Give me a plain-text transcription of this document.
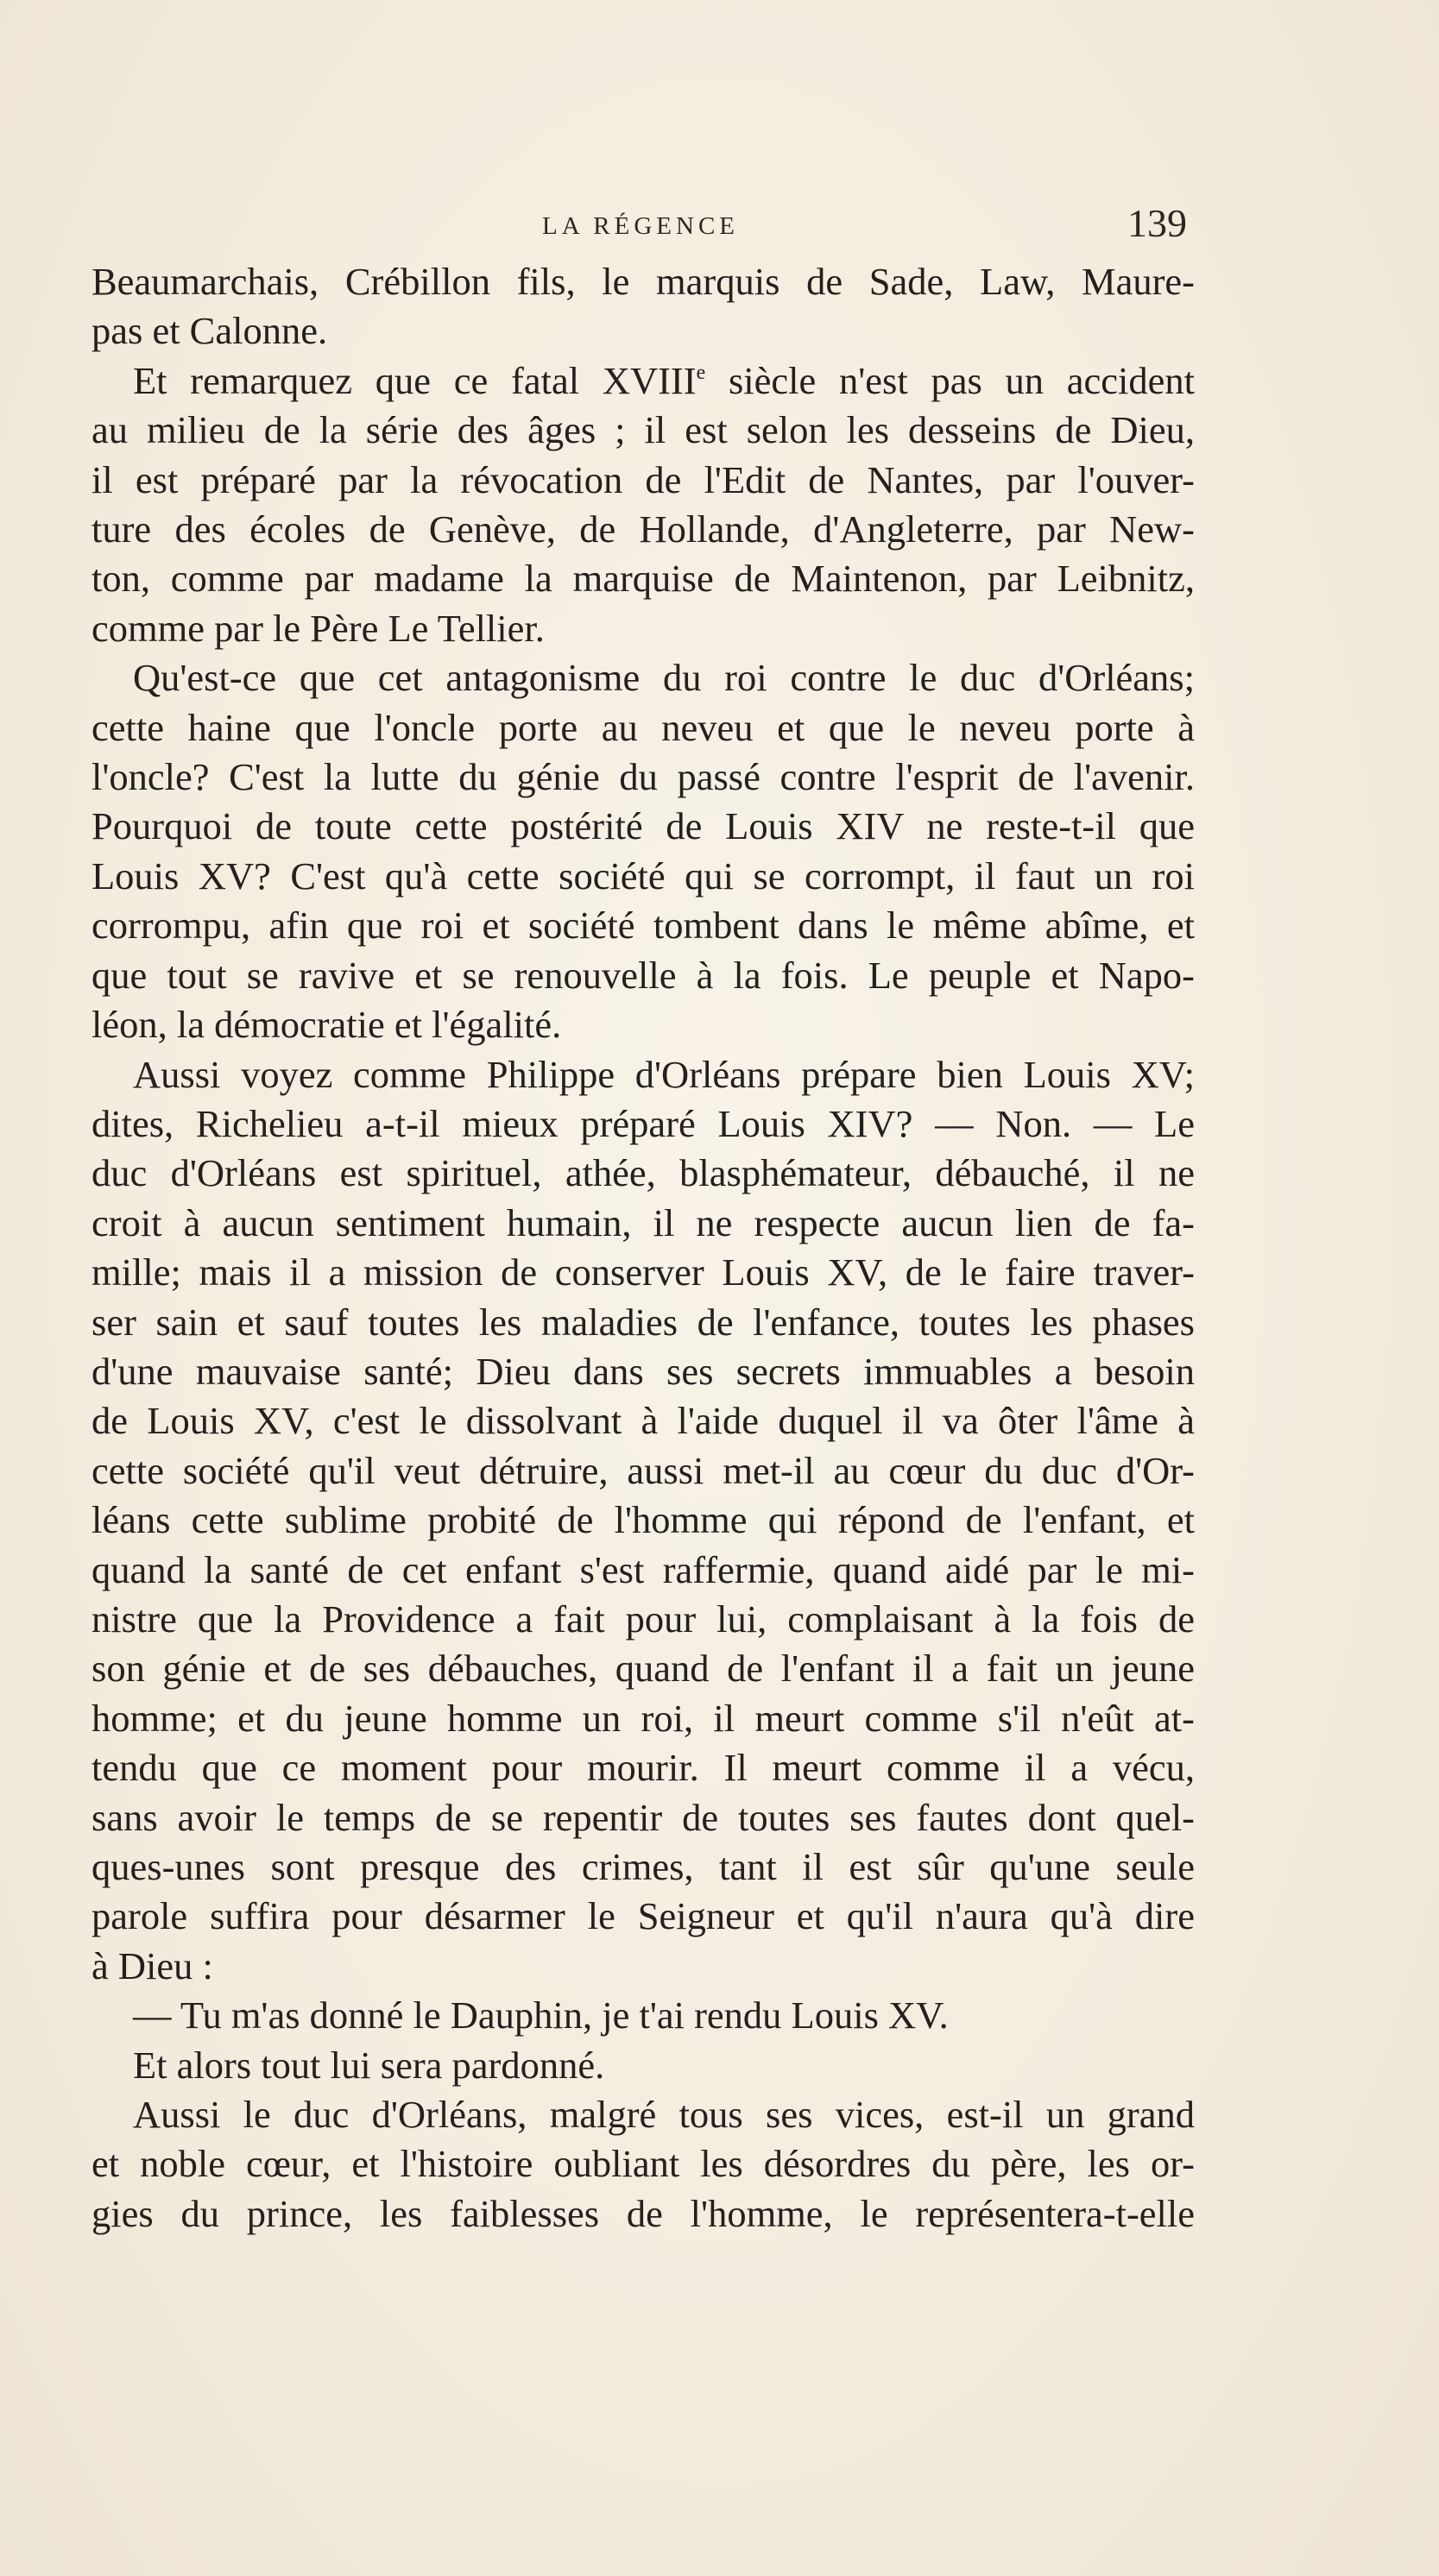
LA RÉGENCE	139
Beaumarchais, Crébillon fils, le marquis de Sade, Law, Maure-
pas et Calonne.
Et remarquez que ce fatal XVIIIe siècle n'est pas un accident
au milieu de la série des âges ; il est selon les desseins de Dieu,
il est préparé par la révocation de l'Edit de Nantes, par l'ouver-
ture des écoles de Genève, de Hollande, d'Angleterre, par New-
ton, comme par madame la marquise de Maintenon, par Leibnitz,
comme par le Père Le Tellier.
Qu'est-ce que cet antagonisme du roi contre le duc d'Orléans;
cette haine que l'oncle porte au neveu et que le neveu porte à
l'oncle? C'est la lutte du génie du passé contre l'esprit de l'avenir.
Pourquoi de toute cette postérité de Louis XIV ne reste-t-il que
Louis XV? C'est qu'à cette société qui se corrompt, il faut un roi
corrompu, afin que roi et société tombent dans le même abîme, et
que tout se ravive et se renouvelle à la fois. Le peuple et Napo-
léon, la démocratie et l'égalité.
Aussi voyez comme Philippe d'Orléans prépare bien Louis XV;
dites, Richelieu a-t-il mieux préparé Louis XIV? — Non. — Le
duc d'Orléans est spirituel, athée, blasphémateur, débauché, il ne
croit à aucun sentiment humain, il ne respecte aucun lien de fa-
mille; mais il a mission de conserver Louis XV, de le faire traver-
ser sain et sauf toutes les maladies de l'enfance, toutes les phases
d'une mauvaise santé; Dieu dans ses secrets immuables a besoin
de Louis XV, c'est le dissolvant à l'aide duquel il va ôter l'âme à
cette société qu'il veut détruire, aussi met-il au cœur du duc d'Or-
léans cette sublime probité de l'homme qui répond de l'enfant, et
quand la santé de cet enfant s'est raffermie, quand aidé par le mi-
nistre que la Providence a fait pour lui, complaisant à la fois de
son génie et de ses débauches, quand de l'enfant il a fait un jeune
homme; et du jeune homme un roi, il meurt comme s'il n'eût at-
tendu que ce moment pour mourir. Il meurt comme il a vécu,
sans avoir le temps de se repentir de toutes ses fautes dont quel-
ques-unes sont presque des crimes, tant il est sûr qu'une seule
parole suffira pour désarmer le Seigneur et qu'il n'aura qu'à dire
à Dieu :
— Tu m'as donné le Dauphin, je t'ai rendu Louis XV.
Et alors tout lui sera pardonné.
Aussi le duc d'Orléans, malgré tous ses vices, est-il un grand
et noble cœur, et l'histoire oubliant les désordres du père, les or-
gies du prince, les faiblesses de l'homme, le représentera-t-elle
